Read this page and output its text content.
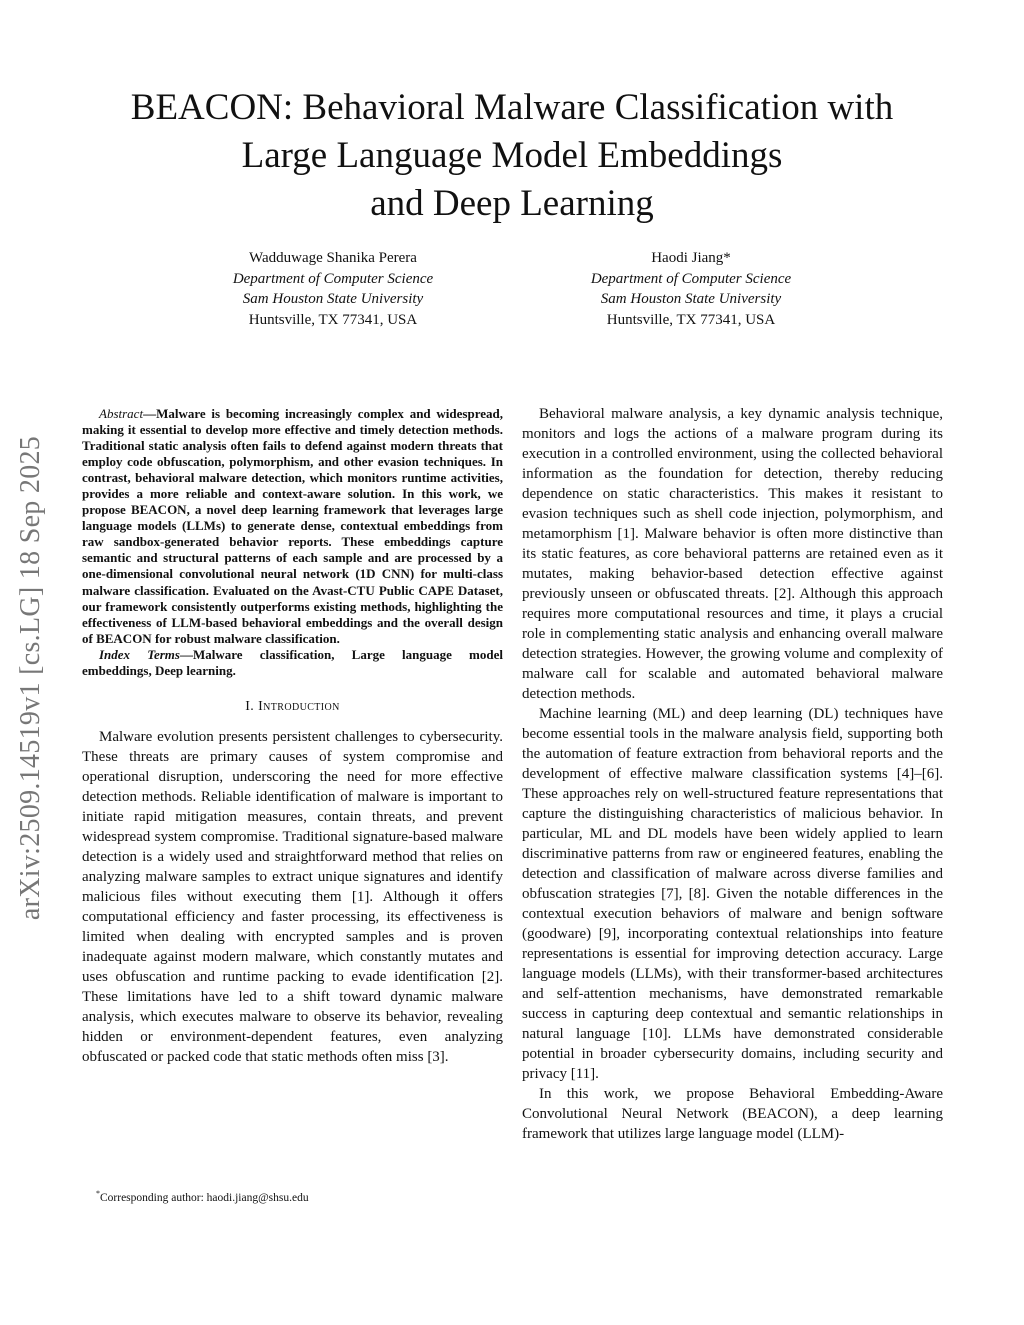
BEACON: Behavioral Malware Classification with
Large Language Model Embeddings
and Deep Learning
Wadduwage Shanika Perera
Department of Computer Science
Sam Houston State University
Huntsville, TX 77341, USA
Haodi Jiang*
Department of Computer Science
Sam Houston State University
Huntsville, TX 77341, USA
arXiv:2509.14519v1 [cs.LG] 18 Sep 2025

Abstract—Malware is becoming increasingly complex and widespread, making it essential to develop more effective and timely detection methods. Traditional static analysis often fails to defend against modern threats that employ code obfuscation, polymorphism, and other evasion techniques. In contrast, behavioral malware detection, which monitors runtime activities, provides a more reliable and context-aware solution. In this work, we propose BEACON, a novel deep learning framework that leverages large language models (LLMs) to generate dense, contextual embeddings from raw sandbox-generated behavior reports. These embeddings capture semantic and structural patterns of each sample and are processed by a one-dimensional convolutional neural network (1D CNN) for multi-class malware classification. Evaluated on the Avast-CTU Public CAPE Dataset, our framework consistently outperforms existing methods, highlighting the effectiveness of LLM-based behavioral embeddings and the overall design of BEACON for robust malware classification.

Index Terms—Malware classification, Large language model embeddings, Deep learning.

I. Introduction

Malware evolution presents persistent challenges to cybersecurity. These threats are primary causes of system compromise and operational disruption, underscoring the need for more effective detection methods. Reliable identification of malware is important to initiate rapid mitigation measures, contain threats, and prevent widespread system compromise. Traditional signature-based malware detection is a widely used and straightforward method that relies on analyzing malware samples to extract unique signatures and identify malicious files without executing them [1]. Although it offers computational efficiency and faster processing, its effectiveness is limited when dealing with encrypted samples and is proven inadequate against modern malware, which constantly mutates and uses obfuscation and runtime packing to evade identification [2]. These limitations have led to a shift toward dynamic malware analysis, which executes malware to observe its behavior, revealing hidden or environment-dependent features, even analyzing obfuscated or packed code that static methods often miss [3].

Behavioral malware analysis, a key dynamic analysis technique, monitors and logs the actions of a malware program during its execution in a controlled environment, using the collected behavioral information as the foundation for detection, thereby reducing dependence on static characteristics. This makes it resistant to evasion techniques such as shell code injection, polymorphism, and metamorphism [1]. Malware behavior is often more distinctive than its static features, as core behavioral patterns are retained even as it mutates, making behavior-based detection effective against previously unseen or obfuscated threats. [2]. Although this approach requires more computational resources and time, it plays a crucial role in complementing static analysis and enhancing overall malware detection strategies. However, the growing volume and complexity of malware call for scalable and automated behavioral malware detection methods.

Machine learning (ML) and deep learning (DL) techniques have become essential tools in the malware analysis field, supporting both the automation of feature extraction from behavioral reports and the development of effective malware classification systems [4]–[6]. These approaches rely on well-structured feature representations that capture the distinguishing characteristics of malicious behavior. In particular, ML and DL models have been widely applied to learn discriminative patterns from raw or engineered features, enabling the detection and classification of malware across diverse families and obfuscation strategies [7], [8]. Given the notable differences in the contextual execution behaviors of malware and benign software (goodware) [9], incorporating contextual relationships into feature representations is essential for improving detection accuracy. Large language models (LLMs), with their transformer-based architectures and self-attention mechanisms, have demonstrated remarkable success in capturing deep contextual and semantic relationships in natural language [10]. LLMs have demonstrated considerable potential in broader cybersecurity domains, including security and privacy [11].

In this work, we propose Behavioral Embedding-Aware Convolutional Neural Network (BEACON), a deep learning framework that utilizes large language model (LLM)-

*Corresponding author: haodi.jiang@shsu.edu
